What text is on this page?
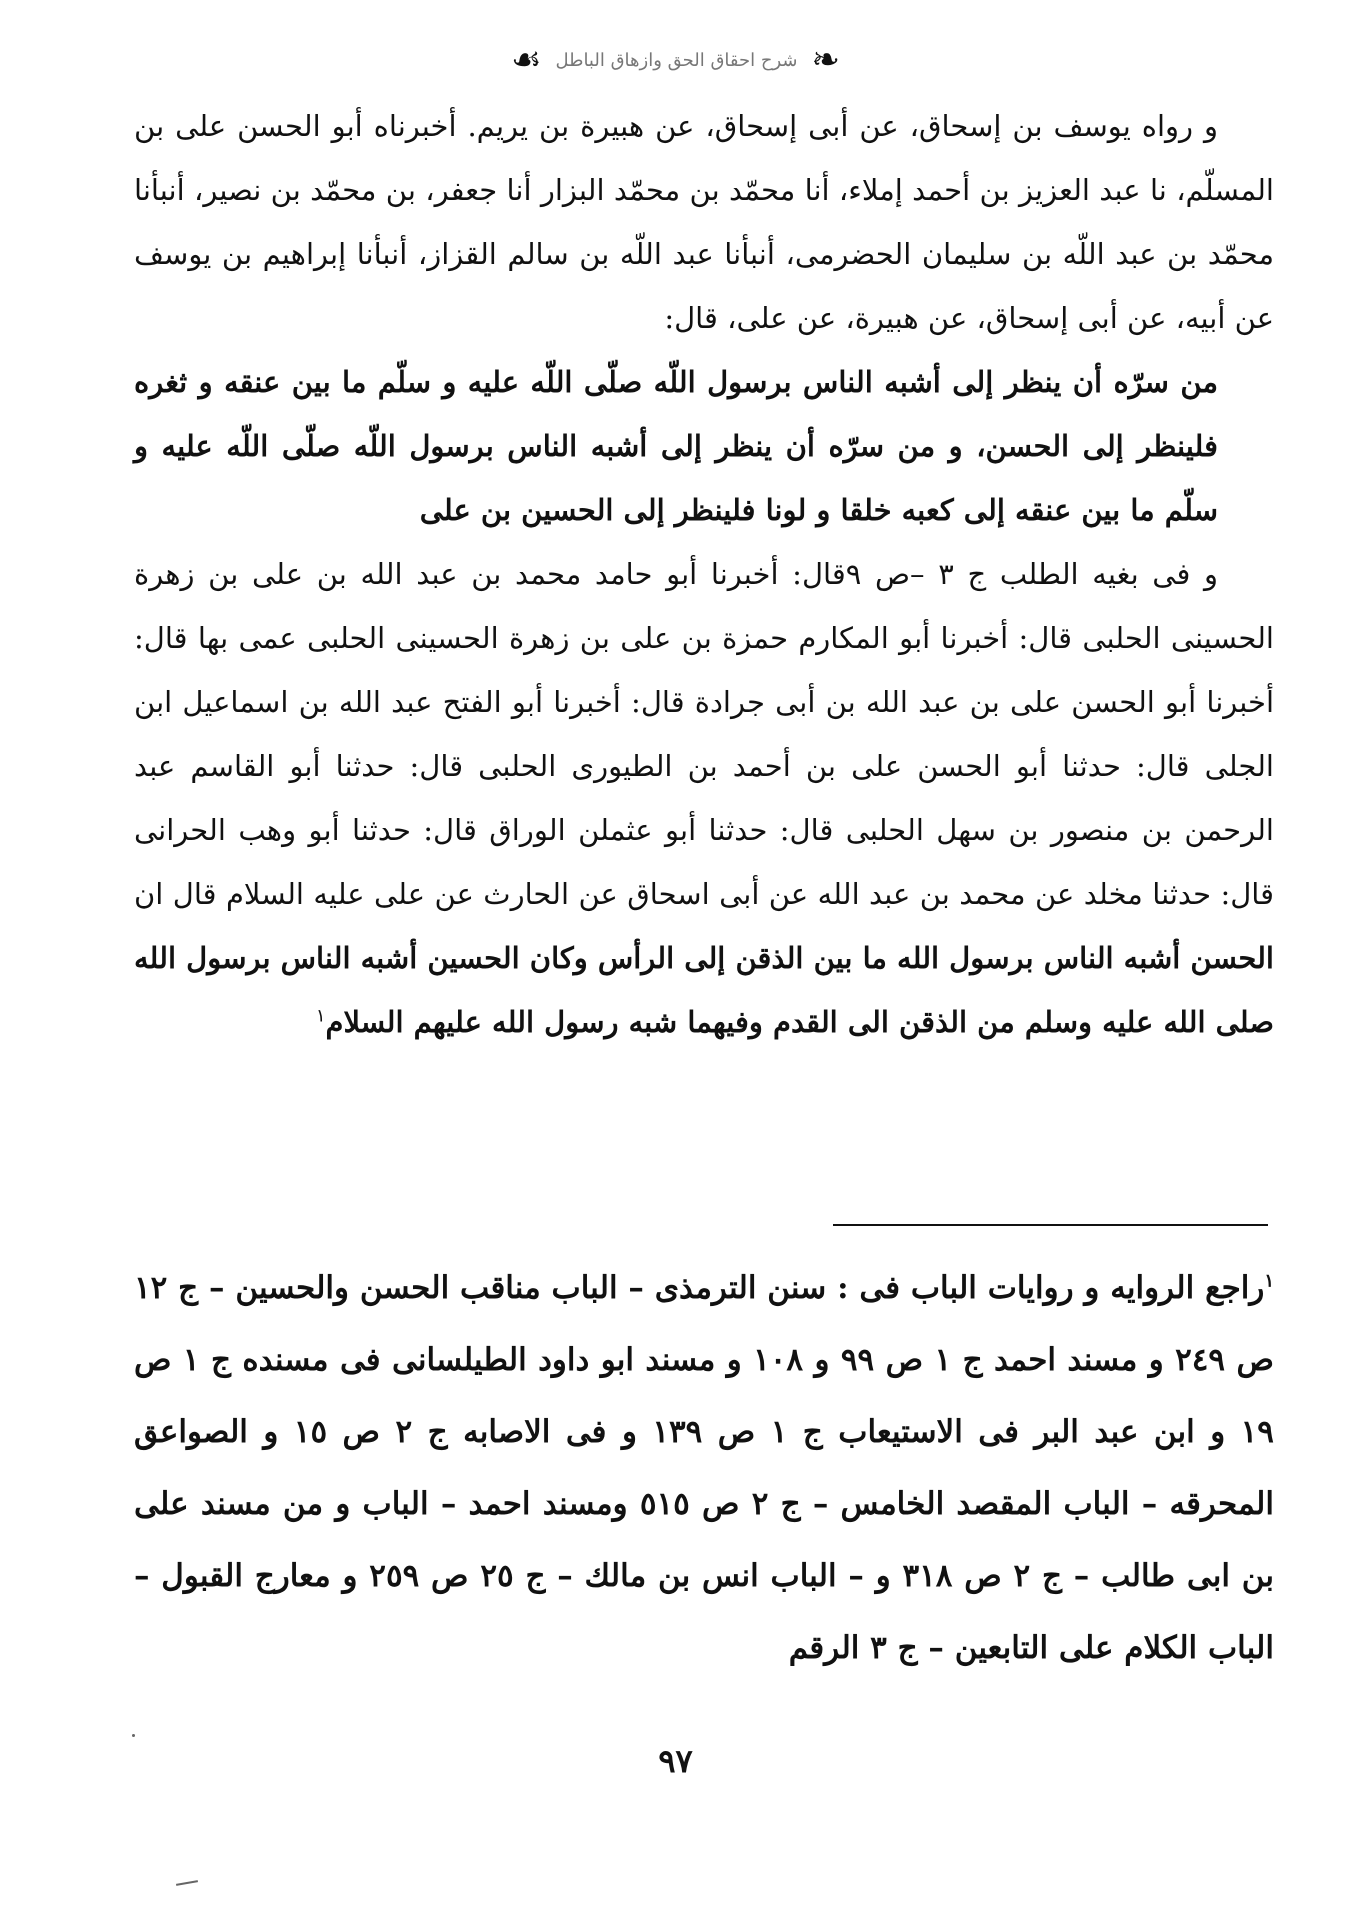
❧
شرح احقاق الحق وازهاق الباطل
☙

و رواه يوسف بن إسحاق، عن أبى إسحاق، عن هبيرة بن يريم. أخبرناه أبو الحسن على بن المسلّم، نا عبد العزيز بن أحمد إملاء، أنا محمّد بن محمّد البزار أنا جعفر، بن محمّد بن نصير، أنبأنا محمّد بن عبد اللّه بن سليمان الحضرمى، أنبأنا عبد اللّه بن سالم القزاز، أنبأنا إبراهيم بن يوسف عن أبيه، عن أبى إسحاق، عن هبيرة، عن على، قال:

من سرّه أن ينظر إلى أشبه الناس برسول اللّه صلّى اللّه عليه و سلّم ما بين عنقه و ثغره فلينظر إلى الحسن، و من سرّه أن ينظر إلى أشبه الناس برسول اللّه صلّى اللّه عليه و سلّم ما بين عنقه إلى كعبه خلقا و لونا فلينظر إلى الحسين بن على

و فى بغيه الطلب ج ٣ –ص ٩قال: أخبرنا أبو حامد محمد بن عبد الله بن على بن زهرة الحسينى الحلبى قال: أخبرنا أبو المكارم حمزة بن على بن زهرة الحسينى الحلبى عمى بها قال: أخبرنا أبو الحسن على بن عبد الله بن أبى جرادة قال: أخبرنا أبو الفتح عبد الله بن اسماعيل ابن الجلى قال: حدثنا أبو الحسن على بن أحمد بن الطيورى الحلبى قال: حدثنا أبو القاسم عبد الرحمن بن منصور بن سهل الحلبى قال: حدثنا أبو عثملن الوراق قال: حدثنا أبو وهب الحرانى قال: حدثنا مخلد عن محمد بن عبد الله عن أبى اسحاق عن الحارث عن على عليه السلام قال ان الحسن أشبه الناس برسول الله ما بين الذقن إلى الرأس وكان الحسين أشبه الناس برسول الله صلى الله عليه وسلم من الذقن الى القدم وفيهما شبه رسول الله عليهم السلام$^١$

$^١$راجع الروايه و روايات الباب فى : سنن الترمذى – الباب مناقب الحسن والحسين – ج ١٢ ص ٢٤٩ و مسند احمد ج ١ ص ٩٩ و ١٠٨ و مسند ابو داود الطيلسانى فى مسنده ج ١ ص ١٩ و ابن عبد البر فى الاستيعاب ج ١ ص ١٣٩ و فى الاصابه ج ٢ ص ١٥ و الصواعق المحرقه – الباب المقصد الخامس – ج ٢ ص ٥١٥ ومسند احمد – الباب و من مسند على بن ابى طالب – ج ٢ ص ٣١٨ و – الباب انس بن مالك – ج ٢٥ ص ٢٥٩ و معارج القبول – الباب الكلام على التابعين – ج ٣ الرقم

٩٧
